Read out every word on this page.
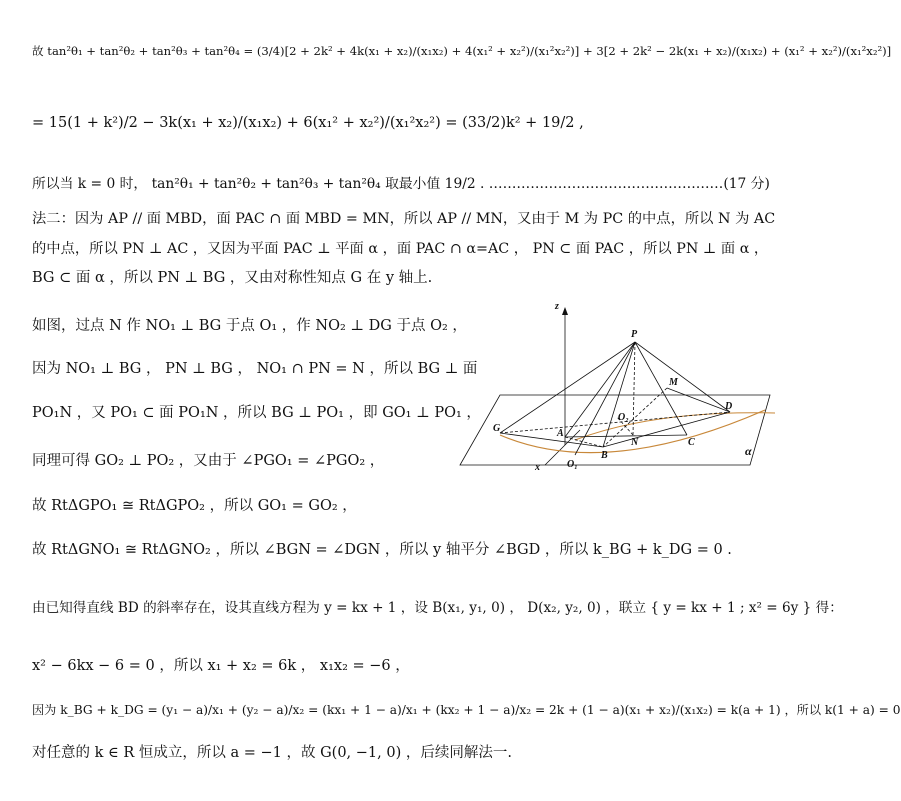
故 tan²θ₁ + tan²θ₂ + tan²θ₃ + tan²θ₄ = (3/4)[2 + 2k² + 4k(x₁ + x₂)/(x₁x₂) + 4(x₁² + x₂²)/(x₁²x₂²)] + 3[2 + 2k² − 2k(x₁ + x₂)/(x₁x₂) + (x₁² + x₂²)/(x₁²x₂²)]
= 15(1 + k²)/2 − 3k(x₁ + x₂)/(x₁x₂) + 6(x₁² + x₂²)/(x₁²x₂²) = (33/2)k² + 19/2 ,
所以当 k = 0 时， tan²θ₁ + tan²θ₂ + tan²θ₃ + tan²θ₄ 取最小值 19/2 . ……………………………………………(17 分)
法二：因为 AP // 面 MBD，面 PAC ∩ 面 MBD = MN，所以 AP // MN，又由于 M 为 PC 的中点，所以 N 为 AC
的中点，所以 PN ⊥ AC ，又因为平面 PAC ⊥ 平面 α ，面 PAC ∩ α=AC ， PN ⊂ 面 PAC ，所以 PN ⊥ 面 α ，
BG ⊂ 面 α ，所以 PN ⊥ BG ，又由对称性知点 G 在 y 轴上.
如图，过点 N 作 NO₁ ⊥ BG 于点 O₁ ，作 NO₂ ⊥ DG 于点 O₂ ，
因为 NO₁ ⊥ BG ， PN ⊥ BG ， NO₁ ∩ PN = N ，所以 BG ⊥ 面
PO₁N ，又 PO₁ ⊂ 面 PO₁N ，所以 BG ⊥ PO₁ ，即 GO₁ ⊥ PO₁ ，
同理可得 GO₂ ⊥ PO₂ ，又由于 ∠PGO₁ = ∠PGO₂ ，
故 RtΔGPO₁ ≅ RtΔGPO₂ ，所以 GO₁ = GO₂ ，
故 RtΔGNO₁ ≅ RtΔGNO₂ ，所以 ∠BGN = ∠DGN ，所以 y 轴平分 ∠BGD ，所以 k_BG + k_DG = 0 .
由已知得直线 BD 的斜率存在，设其直线方程为 y = kx + 1 ，设 B(x₁, y₁, 0) ， D(x₂, y₂, 0) ，联立 { y = kx + 1 ; x² = 6y } 得：
x² − 6kx − 6 = 0 ，所以 x₁ + x₂ = 6k ， x₁x₂ = −6 ，
因为 k_BG + k_DG = (y₁ − a)/x₁ + (y₂ − a)/x₂ = (kx₁ + 1 − a)/x₁ + (kx₂ + 1 − a)/x₂ = 2k + (1 − a)(x₁ + x₂)/(x₁x₂) = k(a + 1) ，所以 k(1 + a) = 0
对任意的 k ∈ R 恒成立，所以 a = −1 ，故 G(0, −1, 0) ，后续同解法一.
z
P
M
D
G	A
O₂
N	C
B
O₁
x
α
